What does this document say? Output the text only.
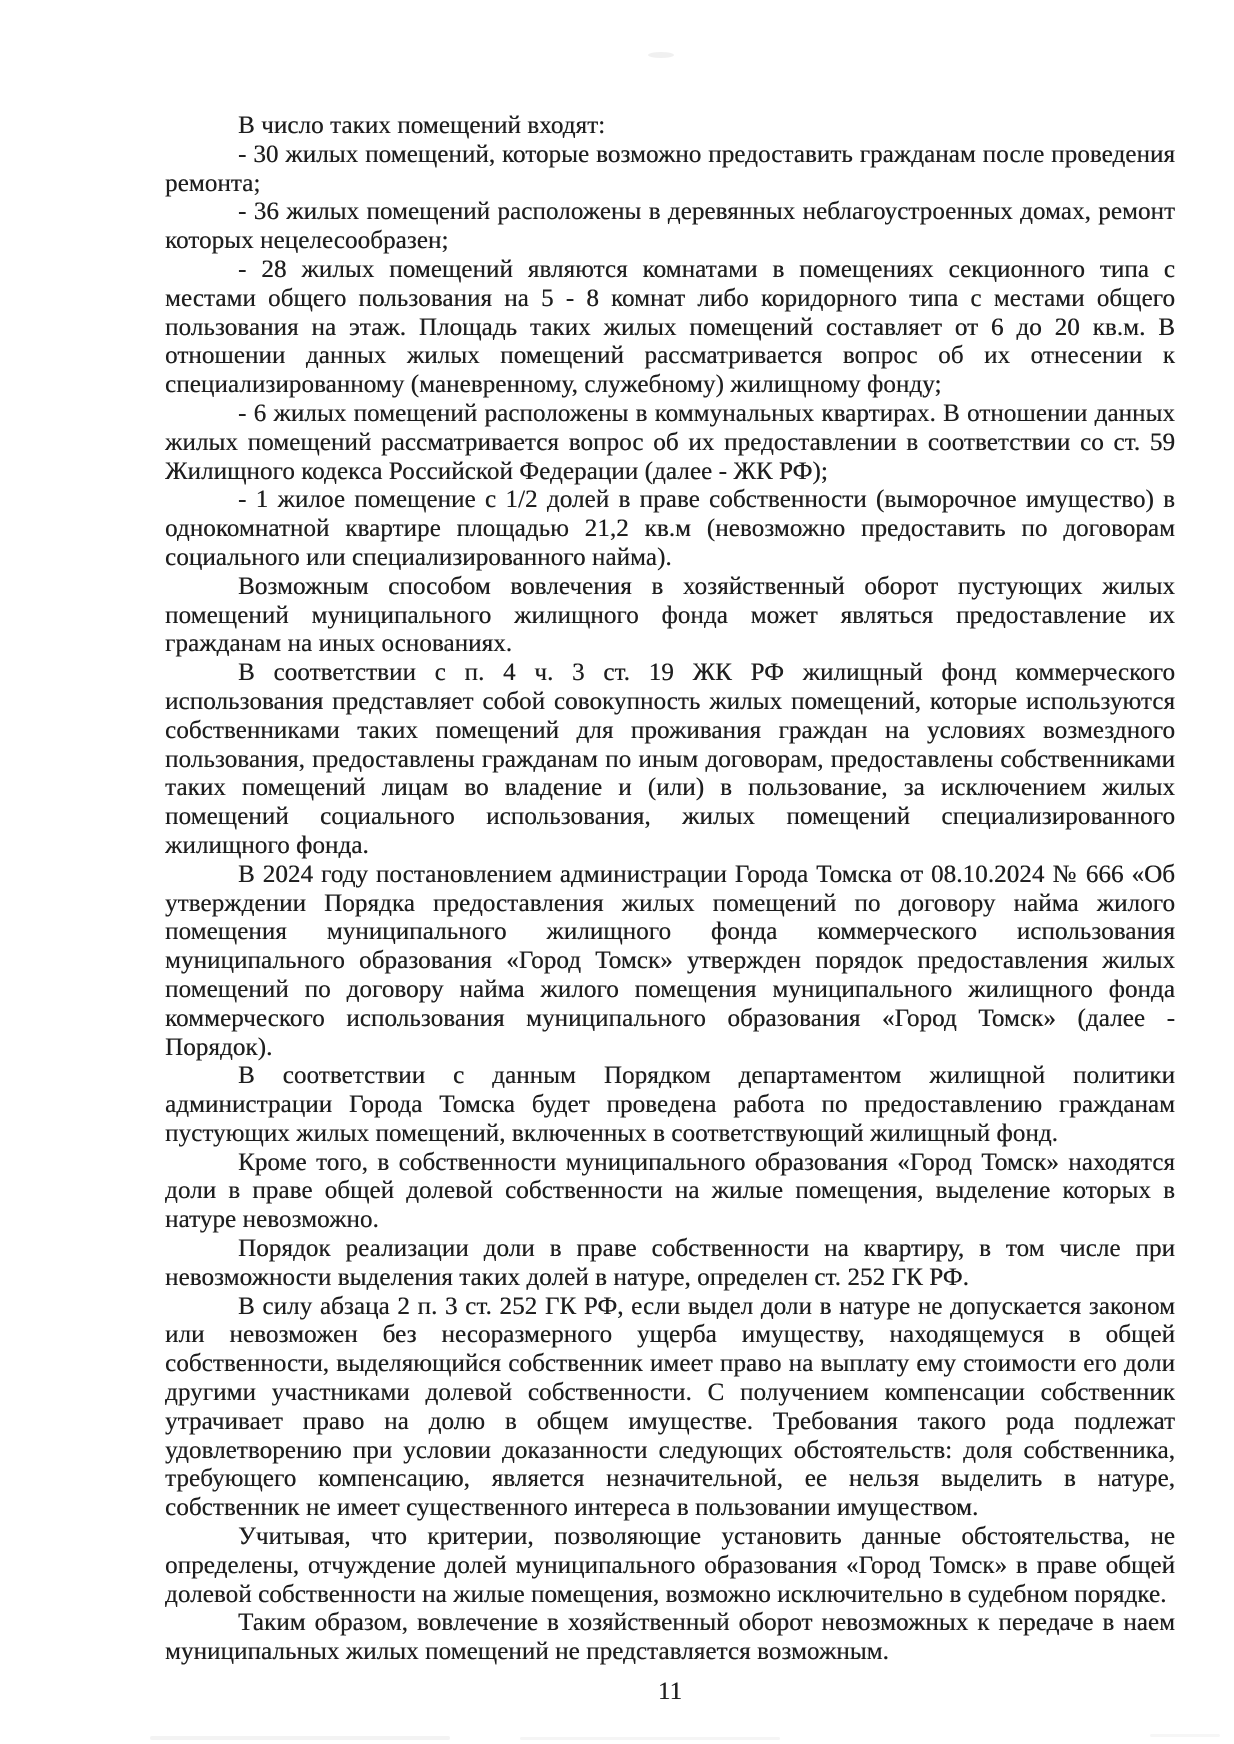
В число таких помещений входят:

- 30 жилых помещений, которые возможно предоставить гражданам после проведения ремонта;

- 36 жилых помещений расположены в деревянных неблагоустроенных домах, ремонт которых нецелесообразен;

- 28 жилых помещений являются комнатами в помещениях секционного типа с местами общего пользования на 5 - 8 комнат либо коридорного типа с местами общего пользования на этаж. Площадь таких жилых помещений составляет от 6 до 20 кв.м. В отношении данных жилых помещений рассматривается вопрос об их отнесении к специализированному (маневренному, служебному) жилищному фонду;

- 6 жилых помещений расположены в коммунальных квартирах. В отношении данных жилых помещений рассматривается вопрос об их предоставлении в соответствии со ст. 59 Жилищного кодекса Российской Федерации (далее - ЖК РФ);

- 1 жилое помещение с 1/2 долей в праве собственности (выморочное имущество) в однокомнатной квартире площадью 21,2 кв.м (невозможно предоставить по договорам социального или специализированного найма).

Возможным способом вовлечения в хозяйственный оборот пустующих жилых помещений муниципального жилищного фонда может являться предоставление их гражданам на иных основаниях.

В соответствии с п. 4 ч. 3 ст. 19 ЖК РФ жилищный фонд коммерческого использования представляет собой совокупность жилых помещений, которые используются собственниками таких помещений для проживания граждан на условиях возмездного пользования, предоставлены гражданам по иным договорам, предоставлены собственниками таких помещений лицам во владение и (или) в пользование, за исключением жилых помещений социального использования, жилых помещений специализированного жилищного фонда.

В 2024 году постановлением администрации Города Томска от 08.10.2024 № 666 «Об утверждении Порядка предоставления жилых помещений по договору найма жилого помещения муниципального жилищного фонда коммерческого использования муниципального образования «Город Томск» утвержден порядок предоставления жилых помещений по договору найма жилого помещения муниципального жилищного фонда коммерческого использования муниципального образования «Город Томск» (далее - Порядок).

В соответствии с данным Порядком департаментом жилищной политики администрации Города Томска будет проведена работа по предоставлению гражданам пустующих жилых помещений, включенных в соответствующий жилищный фонд.

Кроме того, в собственности муниципального образования «Город Томск» находятся доли в праве общей долевой собственности на жилые помещения, выделение которых в натуре невозможно.

Порядок реализации доли в праве собственности на квартиру, в том числе при невозможности выделения таких долей в натуре, определен ст. 252 ГК РФ.

В силу абзаца 2 п. 3 ст. 252 ГК РФ, если выдел доли в натуре не допускается законом или невозможен без несоразмерного ущерба имуществу, находящемуся в общей собственности, выделяющийся собственник имеет право на выплату ему стоимости его доли другими участниками долевой собственности. С получением компенсации собственник утрачивает право на долю в общем имуществе. Требования такого рода подлежат удовлетворению при условии доказанности следующих обстоятельств: доля собственника, требующего компенсацию, является незначительной, ее нельзя выделить в натуре, собственник не имеет существенного интереса в пользовании имуществом.

Учитывая, что критерии, позволяющие установить данные обстоятельства, не определены, отчуждение долей муниципального образования «Город Томск» в праве общей долевой собственности на жилые помещения, возможно исключительно в судебном порядке.

Таким образом, вовлечение в хозяйственный оборот невозможных к передаче в наем муниципальных жилых помещений не представляется возможным.

11
